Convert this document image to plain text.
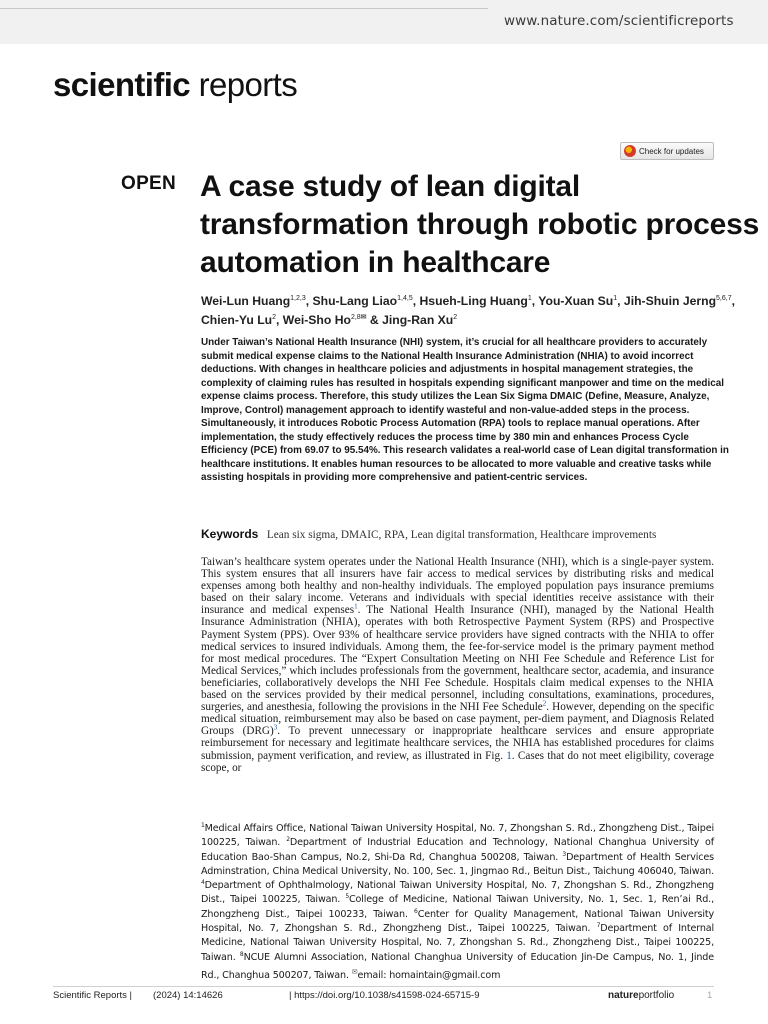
www.nature.com/scientificreports
scientific reports
Check for updates
OPEN A case study of lean digital transformation through robotic process automation in healthcare
Wei-Lun Huang$^{1,2,3}$, Shu-Lang Liao$^{1,4,5}$, Hsueh-Ling Huang$^1$, You-Xuan Su$^1$, Jih-Shuin Jerng$^{5,6,7}$, Chien-Yu Lu$^2$, Wei-Sho $Ho^{2,8✉}$ & Jing-Ran Xu$^2$
Under Taiwan’s National Health Insurance (NHI) system, it’s crucial for all healthcare providers to accurately submit medical expense claims to the National Health Insurance Administration (NHIA) to avoid incorrect deductions. With changes in healthcare policies and adjustments in hospital management strategies, the complexity of claiming rules has resulted in hospitals expending significant manpower and time on the medical expense claims process. Therefore, this study utilizes the Lean Six Sigma DMAIC (Define, Measure, Analyze, Improve, Control) management approach to identify wasteful and non-value-added steps in the process. Simultaneously, it introduces Robotic Process Automation (RPA) tools to replace manual operations. After implementation, the study effectively reduces the process time by 380 min and enhances Process Cycle Efficiency (PCE) from 69.07 to 95.54%. This research validates a real-world case of Lean digital transformation in healthcare institutions. It enables human resources to be allocated to more valuable and creative tasks while assisting hospitals in providing more comprehensive and patient-centric services.
Keywords Lean six sigma, DMAIC, RPA, Lean digital transformation, Healthcare improvements
Taiwan’s healthcare system operates under the National Health Insurance (NHI), which is a single-payer system. This system ensures that all insurers have fair access to medical services by distributing risks and medical expenses among both healthy and non-healthy individuals. The employed population pays insurance premiums based on their salary income. Veterans and individuals with special identities receive assistance with their insurance and medical expenses$^1$. The National Health Insurance (NHI), managed by the National Health Insurance Administration (NHIA), operates with both Retrospective Payment System (RPS) and Prospective Payment System (PPS). Over 93% of healthcare service providers have signed contracts with the NHIA to offer medical services to insured individuals. Among them, the fee-for-service model is the primary payment method for most medical procedures. The “Expert Consultation Meeting on NHI Fee Schedule and Reference List for Medical Services,” which includes professionals from the government, healthcare sector, academia, and insurance beneficiaries, collaboratively develops the NHI Fee Schedule. Hospitals claim medical expenses to the NHIA based on the services provided by their medical personnel, including consultations, examinations, procedures, surgeries, and anesthesia, following the provisions in the NHI Fee Schedule$^2$. However, depending on the specific medical situation, reimbursement may also be based on case payment, per-diem payment, and Diagnosis Related Groups (DRG)$^3$. To prevent unnecessary or inappropriate healthcare services and ensure appropriate reimbursement for necessary and legitimate healthcare services, the NHIA has established procedures for claims submission, payment verification, and review, as illustrated in Fig. 1. Cases that do not meet eligibility, coverage scope, or
$^1$Medical Affairs Office, National Taiwan University Hospital, No. 7, Zhongshan S. Rd., Zhongzheng Dist., Taipei 100225, Taiwan. $^2$Department of Industrial Education and Technology, National Changhua University of Education Bao-Shan Campus, No.2, Shi-Da Rd, Changhua 500208, Taiwan. $^3$Department of Health Services Adminstration, China Medical University, No. 100, Sec. 1, Jingmao Rd., Beitun Dist., Taichung 406040, Taiwan. $^4$Department of Ophthalmology, National Taiwan University Hospital, No. 7, Zhongshan S. Rd., Zhongzheng Dist., Taipei 100225, Taiwan. $^5$College of Medicine, National Taiwan University, No. 1, Sec. 1, Ren’ai Rd., Zhongzheng Dist., Taipei 100233, Taiwan. $^6$Center for Quality Management, National Taiwan University Hospital, No. 7, Zhongshan S. Rd., Zhongzheng Dist., Taipei 100225, Taiwan. $^7$Department of Internal Medicine, National Taiwan University Hospital, No. 7, Zhongshan S. Rd., Zhongzheng Dist., Taipei 100225, Taiwan. $^8$NCUE Alumni Association, National Changhua University of Education Jin-De Campus, No. 1, Jinde Rd., Changhua 500207, Taiwan. ✉email: homaintain@gmail.com
Scientific Reports | (2024) 14:14626	| https://doi.org/10.1038/s41598-024-65715-9	natureportfolio	1
